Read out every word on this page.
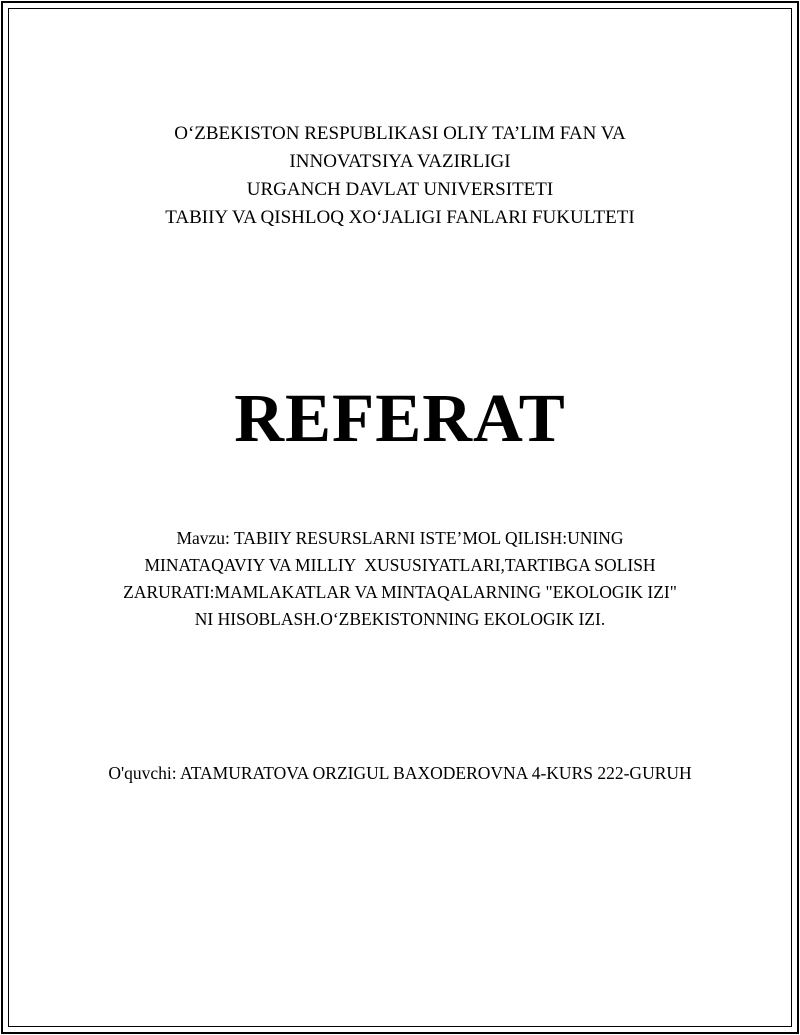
O‘ZBEKISTON RESPUBLIKASI OLIY TA’LIM FAN VA
INNOVATSIYA VAZIRLIGI
URGANCH DAVLAT UNIVERSITETI
TABIIY VA QISHLOQ XO‘JALIGI FANLARI FUKULTETI
REFERAT
Mavzu: TABIIY RESURSLARNI ISTE’MOL QILISH:UNING MINATAQAVIY VA MILLIY  XUSUSIYATLARI,TARTIBGA SOLISH ZARURATI:MAMLAKATLAR VA MINTAQALARNING "EKOLOGIK IZI" NI HISOBLASH.O‘ZBEKISTONNING EKOLOGIK IZI.
O'quvchi: ATAMURATOVA ORZIGUL BAXODEROVNA 4-KURS 222-GURUH
